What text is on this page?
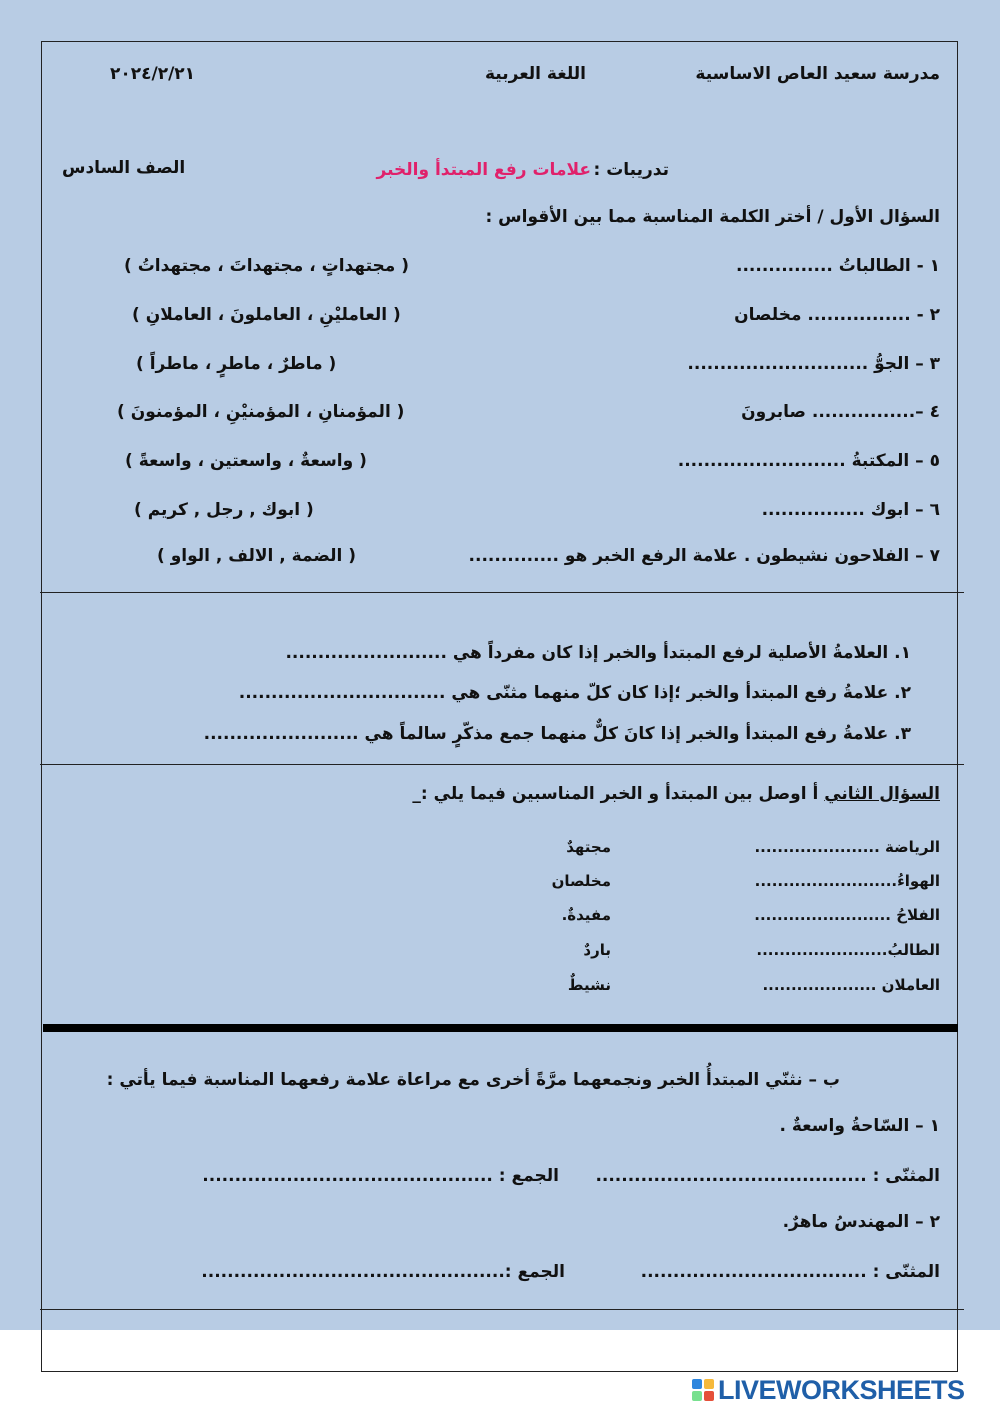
مدرسة سعيد العاص الاساسية
اللغة العربية
٢٠٢٤/٢/٢١
تدريبات :
علامات رفع المبتدأ والخبر
الصف السادس
السؤال الأول / أختر الكلمة المناسبة مما بين الأقواس :
١ - الطالباتُ ...............
( مجتهداتٍ ، مجتهداتَ ، مجتهداتُ )
٢ - ................ مخلصان
( العامليْنِ ، العاملونَ ، العاملانِ )
٣ – الجوُّ ............................
( ماطرٌ ، ماطرٍ ، ماطراً )
٤ –................ صابرونَ
( المؤمنانِ ، المؤمنيْنِ ، المؤمنونَ )
٥ – المكتبةُ ..........................
( واسعةٌ ، واسعتين ، واسعةً )
٦ – ابوك ................
( ابوك , رجل , كريم )
٧ – الفلاحون نشيطون . علامة الرفع الخبر هو ..............
( الضمة , الالف , الواو )
١. العلامةُ الأصلية لرفع المبتدأ والخبر إذا كان مفرداً هي .........................
٢. علامةُ رفع المبتدأ والخبر ؛إذا كان كلّ منهما مثنّى هي ................................
٣. علامةُ رفع المبتدأ والخبر إذا كانَ كلٌّ منهما جمع مذكّرٍ سالماً هي ........................
السؤال الثاني أ اوصل بين المبتدأ و الخبر المناسبين فيما يلي :_
الرياضة ......................
مجتهدٌ
الهواءُ.........................
مخلصان
الفلاحُ ........................
مفيدةٌ.
الطالبُ.......................
باردٌ
العاملان ....................
نشيطٌ
ب – نثنّي المبتدأُ الخبر ونجمعهما مرَّةً أخرى مع مراعاة علامة رفعهما المناسبة فيما يأتي :
١ – السّاحةُ واسعةٌ .
المثنّى : ..........................................
الجمع : .............................................
٢ – المهندسُ ماهرٌ.
المثنّى : ...................................
الجمع :...............................................
LIVEWORKSHEETS
